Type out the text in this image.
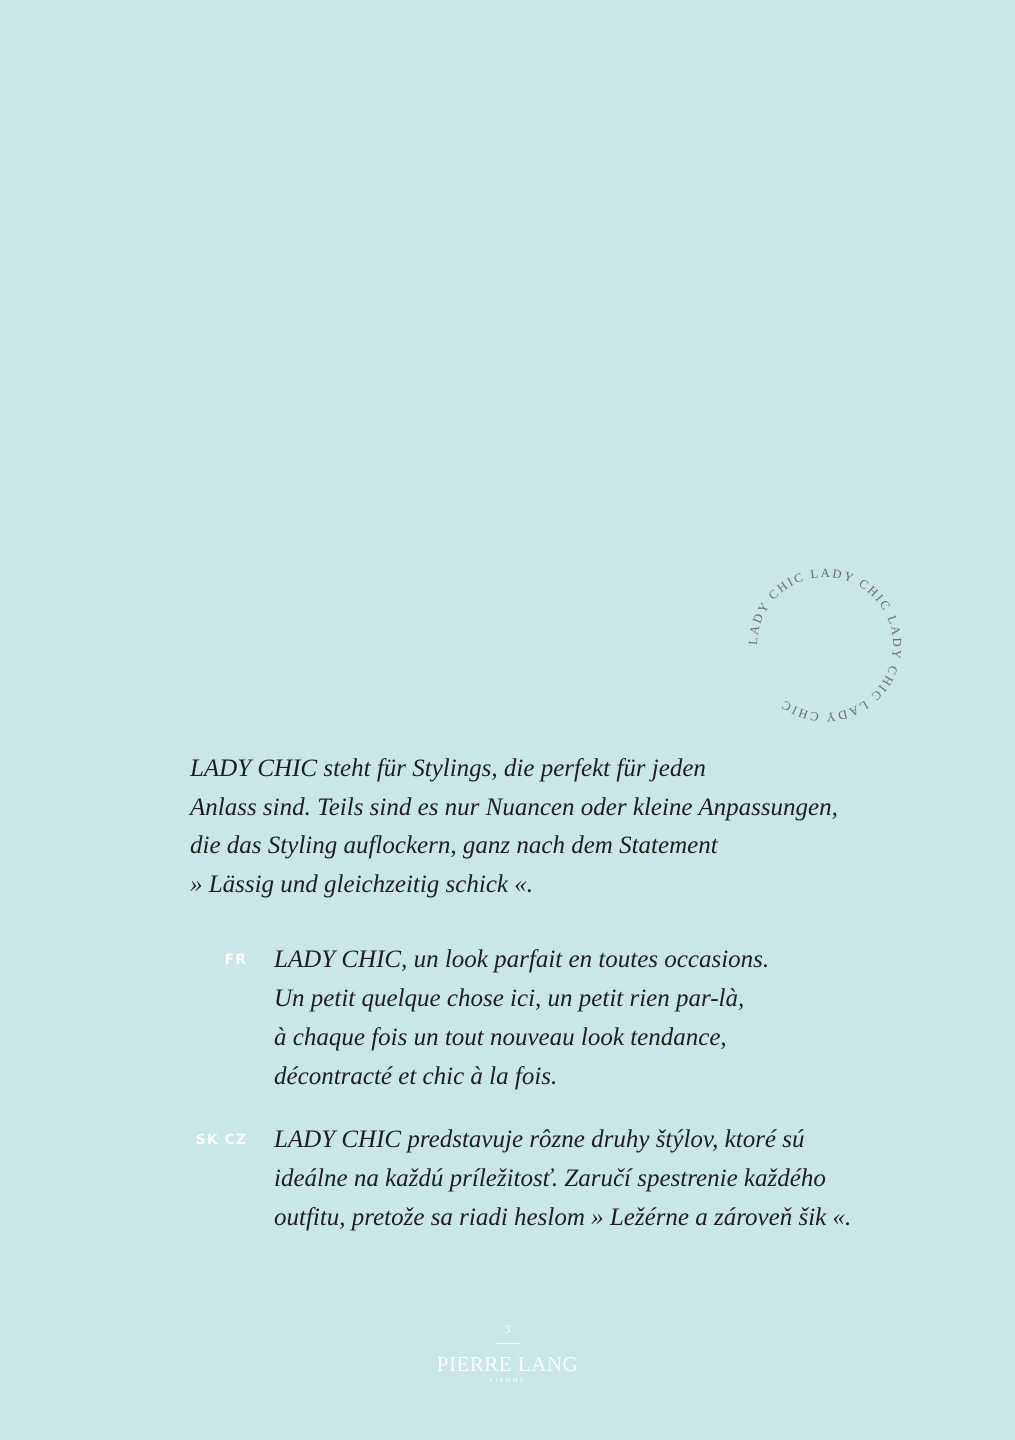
LADY CHIC LADY CHIC LADY CHIC LADY CHIC
LADY CHIC steht für Stylings, die perfekt für jeden
Anlass sind. Teils sind es nur Nuancen oder kleine Anpassungen,
die das Styling auflockern, ganz nach dem Statement
» Lässig und gleichzeitig schick «.
FR LADY CHIC, un look parfait en toutes occasions.
Un petit quelque chose ici, un petit rien par-là,
à chaque fois un tout nouveau look tendance,
décontracté et chic à la fois.
SK CZ LADY CHIC predstavuje rôzne druhy štýlov, ktoré sú
ideálne na každú príležitosť. Zaručí spestrenie každého
outfitu, pretože sa riadi heslom » Ležérne a zároveň šik «.
3
PIERRE LANG
VIENNA
